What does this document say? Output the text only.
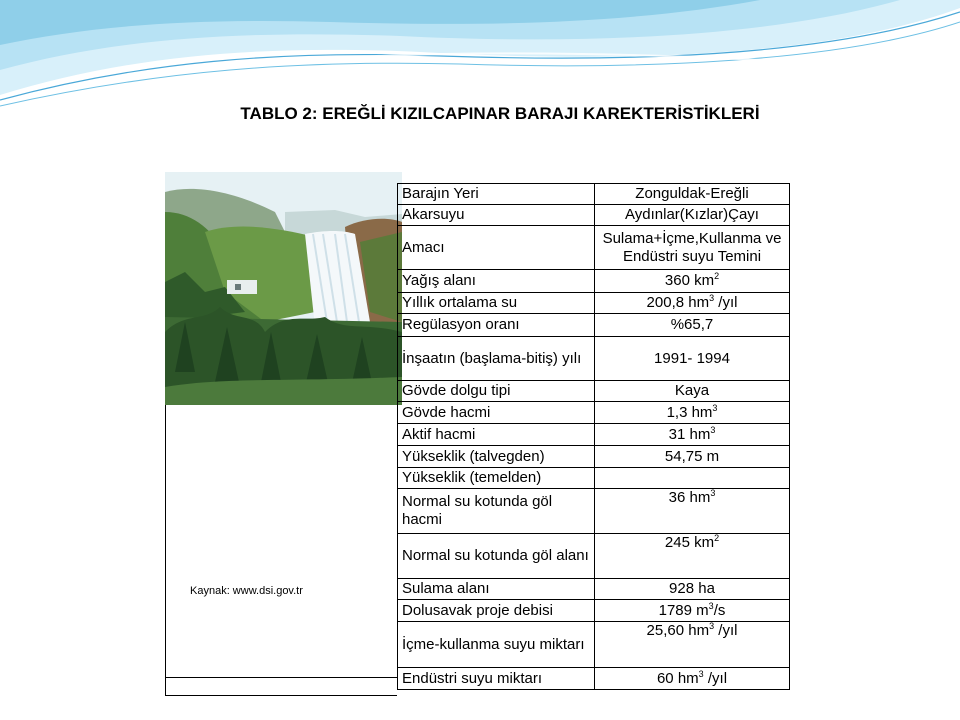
TABLO 2: EREĞLİ KIZILCAPINAR BARAJI KAREKTERİSTİKLERİ
Kaynak: www.dsi.gov.tr
Barajın Yeri	Zonguldak-Ereğli
Akarsuyu	Aydınlar(Kızlar)Çayı
Amacı	Sulama+İçme,Kullanma ve Endüstri suyu Temini
Yağış alanı	360 $km^2$
Yıllık ortalama su	200,8 $hm^3$ /yıl
Regülasyon oranı	%65,7
İnşaatın (başlama-bitiş) yılı	1991- 1994
Gövde dolgu tipi	Kaya
Gövde hacmi	1,3 $hm^3$
Aktif hacmi	31 $hm^3$
Yükseklik (talvegden)	54,75 m
Yükseklik (temelden)	
Normal su kotunda göl hacmi	36 $hm^3$
Normal su kotunda göl alanı	245 $km^2$
Sulama alanı	928 ha
Dolusavak proje debisi	1789 $m^3/s$
İçme-kullanma suyu miktarı	25,60 $hm^3$ /yıl
Endüstri suyu miktarı	60 $hm^3$ /yıl
